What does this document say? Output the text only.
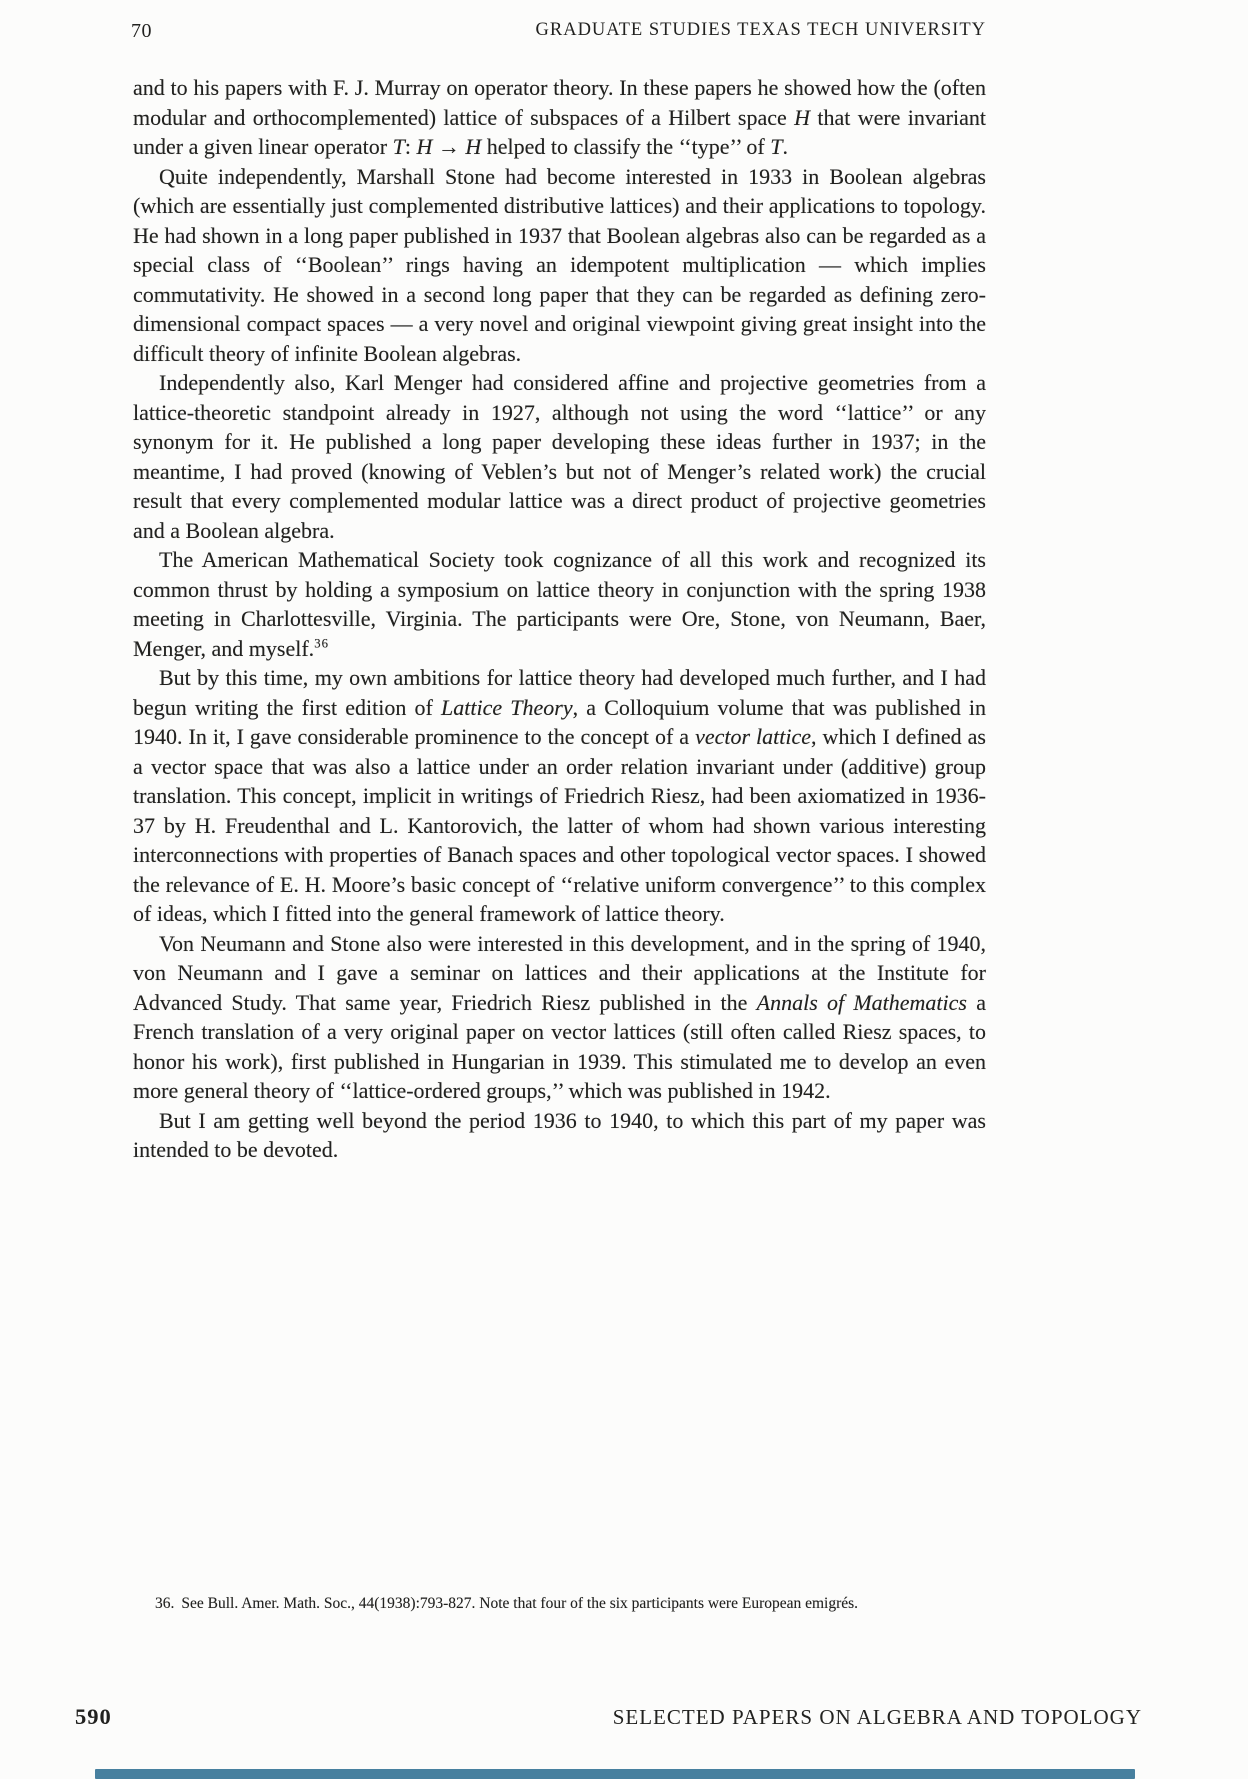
70	GRADUATE STUDIES TEXAS TECH UNIVERSITY

and to his papers with F. J. Murray on operator theory. In these papers he showed how the (often modular and orthocomplemented) lattice of subspaces of a Hilbert space H that were invariant under a given linear operator T: H → H helped to classify the ‘‘type’’ of T.

Quite independently, Marshall Stone had become interested in 1933 in Boolean algebras (which are essentially just complemented distributive lattices) and their applications to topology. He had shown in a long paper published in 1937 that Boolean algebras also can be regarded as a special class of ‘‘Boolean’’ rings having an idempotent multiplication — which implies commutativity. He showed in a second long paper that they can be regarded as defining zero-dimensional compact spaces — a very novel and original viewpoint giving great insight into the difficult theory of infinite Boolean algebras.

Independently also, Karl Menger had considered affine and projective geometries from a lattice-theoretic standpoint already in 1927, although not using the word ‘‘lattice’’ or any synonym for it. He published a long paper developing these ideas further in 1937; in the meantime, I had proved (knowing of Veblen’s but not of Menger’s related work) the crucial result that every complemented modular lattice was a direct product of projective geometries and a Boolean algebra.

The American Mathematical Society took cognizance of all this work and recognized its common thrust by holding a symposium on lattice theory in conjunction with the spring 1938 meeting in Charlottesville, Virginia. The participants were Ore, Stone, von Neumann, Baer, Menger, and myself.$^{36}$

But by this time, my own ambitions for lattice theory had developed much further, and I had begun writing the first edition of Lattice Theory, a Colloquium volume that was published in 1940. In it, I gave considerable prominence to the concept of a vector lattice, which I defined as a vector space that was also a lattice under an order relation invariant under (additive) group translation. This concept, implicit in writings of Friedrich Riesz, had been axiomatized in 1936-37 by H. Freudenthal and L. Kantorovich, the latter of whom had shown various interesting interconnections with properties of Banach spaces and other topological vector spaces. I showed the relevance of E. H. Moore’s basic concept of ‘‘relative uniform convergence’’ to this complex of ideas, which I fitted into the general framework of lattice theory.

Von Neumann and Stone also were interested in this development, and in the spring of 1940, von Neumann and I gave a seminar on lattices and their applications at the Institute for Advanced Study. That same year, Friedrich Riesz published in the Annals of Mathematics a French translation of a very original paper on vector lattices (still often called Riesz spaces, to honor his work), first published in Hungarian in 1939. This stimulated me to develop an even more general theory of ‘‘lattice-ordered groups,’’ which was published in 1942.

But I am getting well beyond the period 1936 to 1940, to which this part of my paper was intended to be devoted.

36. See Bull. Amer. Math. Soc., 44(1938):793-827. Note that four of the six participants were European emigrés.
590	SELECTED PAPERS ON ALGEBRA AND TOPOLOGY
